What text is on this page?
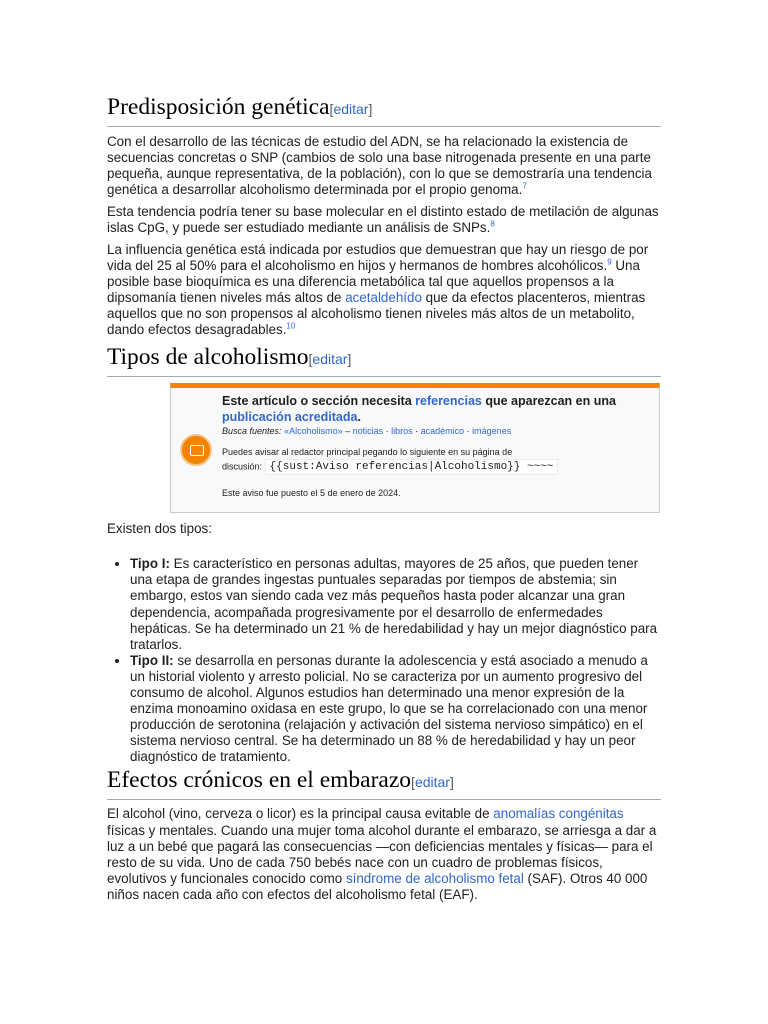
Predisposición genética[editar]

Con el desarrollo de las técnicas de estudio del ADN, se ha relacionado la existencia de secuencias concretas o SNP (cambios de solo una base nitrogenada presente en una parte pequeña, aunque representativa, de la población), con lo que se demostraría una tendencia genética a desarrollar alcoholismo determinada por el propio genoma.$^7$

Esta tendencia podría tener su base molecular en el distinto estado de metilación de algunas islas CpG, y puede ser estudiado mediante un análisis de SNPs.$^8$

La influencia genética está indicada por estudios que demuestran que hay un riesgo de por vida del 25 al 50% para el alcoholismo en hijos y hermanos de hombres alcohólicos.$^9$ Una posible base bioquímica es una diferencia metabólica tal que aquellos propensos a la dipsomanía tienen niveles más altos de acetaldehído que da efectos placenteros, mientras aquellos que no son propensos al alcoholismo tienen niveles más altos de un metabolito, dando efectos desagradables.$^{10}$

Tipos de alcoholismo[editar]
Este artículo o sección necesita referencias que aparezcan en una publicación acreditada.
Busca fuentes: «Alcoholismo» – noticias · libros · académico · imágenes
Puedes avisar al redactor principal pegando lo siguiente en su página de
discusión: {{sust:Aviso referencias|Alcoholismo}} ~~~~
Este aviso fue puesto el 5 de enero de 2024.

Existen dos tipos:

• Tipo I: Es característico en personas adultas, mayores de 25 años, que pueden tener una etapa de grandes ingestas puntuales separadas por tiempos de abstemia; sin embargo, estos van siendo cada vez más pequeños hasta poder alcanzar una gran dependencia, acompañada progresivamente por el desarrollo de enfermedades hepáticas. Se ha determinado un 21 % de heredabilidad y hay un mejor diagnóstico para tratarlos.
• Tipo II: se desarrolla en personas durante la adolescencia y está asociado a menudo a un historial violento y arresto policial. No se caracteriza por un aumento progresivo del consumo de alcohol. Algunos estudios han determinado una menor expresión de la enzima monoamino oxidasa en este grupo, lo que se ha correlacionado con una menor producción de serotonina (relajación y activación del sistema nervioso simpático) en el sistema nervioso central. Se ha determinado un 88 % de heredabilidad y hay un peor diagnóstico de tratamiento.
Efectos crónicos en el embarazo[editar]

El alcohol (vino, cerveza o licor) es la principal causa evitable de anomalías congénitas físicas y mentales. Cuando una mujer toma alcohol durante el embarazo, se arriesga a dar a luz a un bebé que pagará las consecuencias —con deficiencias mentales y físicas— para el resto de su vida. Uno de cada 750 bebés nace con un cuadro de problemas físicos, evolutivos y funcionales conocido como síndrome de alcoholismo fetal (SAF). Otros 40 000 niños nacen cada año con efectos del alcoholismo fetal (EAF).
